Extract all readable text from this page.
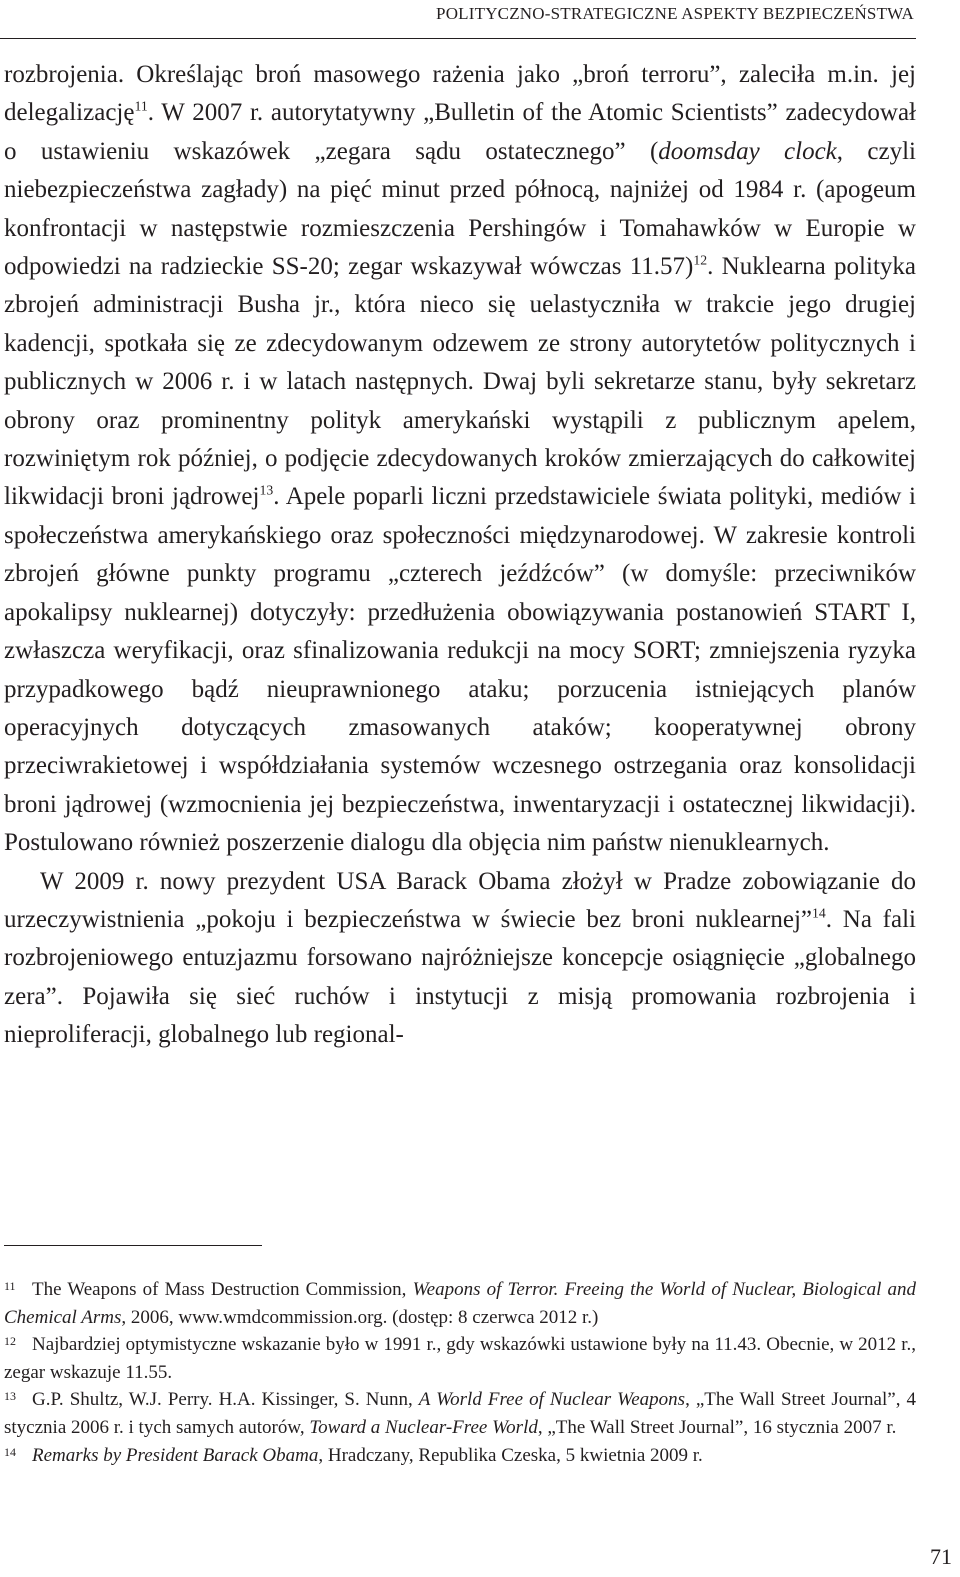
POLITYCZNO-STRATEGICZNE ASPEKTY BEZPIECZEŃSTWA

rozbrojenia. Określając broń masowego rażenia jako „broń terroru”, zaleciła m.in. jej delegalizację$^{11}$. W 2007 r. autorytatywny „Bulletin of the Atomic Scientists” zadecydował o ustawieniu wskazówek „zegara sądu ostatecznego” (doomsday clock, czyli niebezpieczeństwa zagłady) na pięć minut przed północą, najniżej od 1984 r. (apogeum konfrontacji w następstwie rozmieszczenia Pershingów i Tomahawków w Europie w odpowiedzi na radzieckie SS-20; zegar wskazywał wówczas 11.57)$^{12}$. Nuklearna polityka zbrojeń administracji Busha jr., która nieco się uelastyczniła w trakcie jego drugiej kadencji, spotkała się ze zdecydowanym odzewem ze strony autorytetów politycznych i publicznych w 2006 r. i w latach następnych. Dwaj byli sekretarze stanu, były sekretarz obrony oraz prominentny polityk amerykański wystąpili z publicznym apelem, rozwiniętym rok później, o podjęcie zdecydowanych kroków zmierzających do całkowitej likwidacji broni jądrowej$^{13}$. Apele poparli liczni przedstawiciele świata polityki, mediów i społeczeństwa amerykańskiego oraz społeczności międzynarodowej. W zakresie kontroli zbrojeń główne punkty programu „czterech jeźdźców” (w domyśle: przeciwników apokalipsy nuklearnej) dotyczyły: przedłużenia obowiązywania postanowień START I, zwłaszcza weryfikacji, oraz sfinalizowania redukcji na mocy SORT; zmniejszenia ryzyka przypadkowego bądź nieuprawnionego ataku; porzucenia istniejących planów operacyjnych dotyczących zmasowanych ataków; kooperatywnej obrony przeciwrakietowej i współdziałania systemów wczesnego ostrzegania oraz konsolidacji broni jądrowej (wzmocnienia jej bezpieczeństwa, inwentaryzacji i ostatecznej likwidacji). Postulowano również poszerzenie dialogu dla objęcia nim państw nienuklearnych.

W 2009 r. nowy prezydent USA Barack Obama złożył w Pradze zobowiązanie do urzeczywistnienia „pokoju i bezpieczeństwa w świecie bez broni nuklearnej”$^{14}$. Na fali rozbrojeniowego entuzjazmu forsowano najróżniejsze koncepcje osiągnięcie „globalnego zera”. Pojawiła się sieć ruchów i instytucji z misją promowania rozbrojenia i nieproliferacji, globalnego lub regional-

11 The Weapons of Mass Destruction Commission, Weapons of Terror. Freeing the World of Nuclear, Biological and Chemical Arms, 2006, www.wmdcommission.org. (dostęp: 8 czerwca 2012 r.)

12 Najbardziej optymistyczne wskazanie było w 1991 r., gdy wskazówki ustawione były na 11.43. Obecnie, w 2012 r., zegar wskazuje 11.55.

13 G.P. Shultz, W.J. Perry. H.A. Kissinger, S. Nunn, A World Free of Nuclear Weapons, „The Wall Street Journal”, 4 stycznia 2006 r. i tych samych autorów, Toward a Nuclear-Free World, „The Wall Street Journal”, 16 stycznia 2007 r.

14 Remarks by President Barack Obama, Hradczany, Republika Czeska, 5 kwietnia 2009 r.

71
